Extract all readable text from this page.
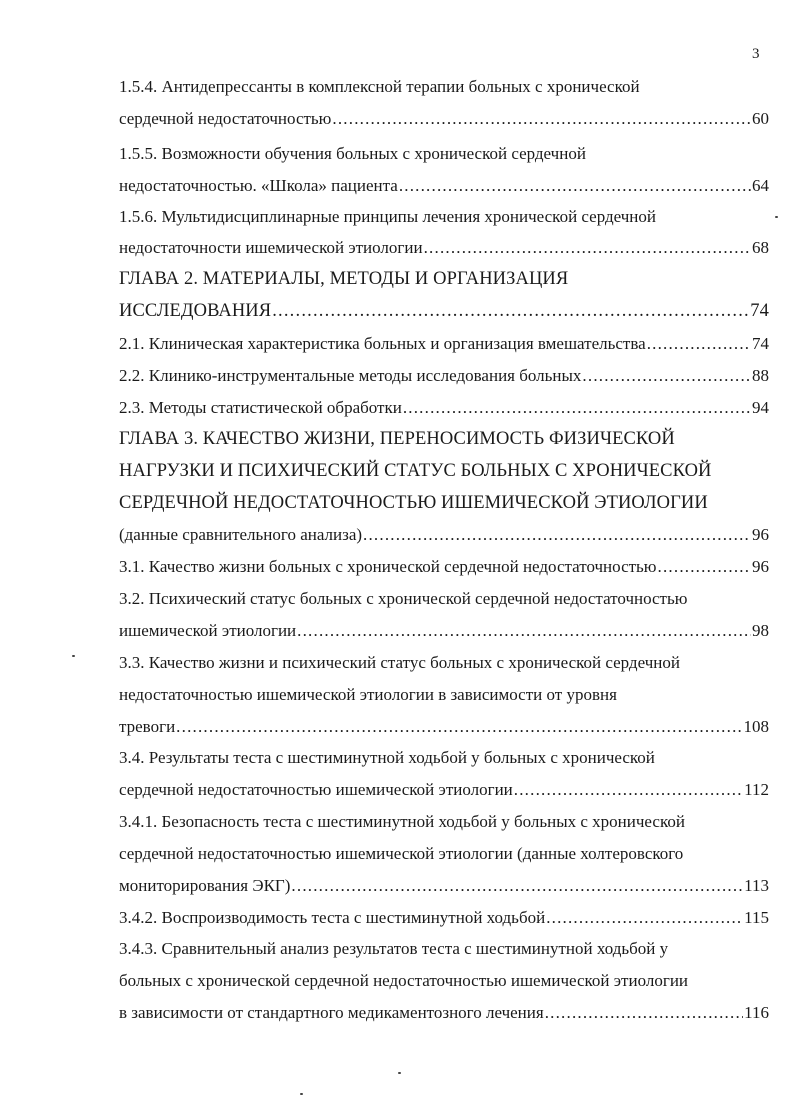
3
1.5.4. Антидепрессанты в комплексной терапии больных с хронической
сердечной недостаточностью .....	60
1.5.5. Возможности обучения больных с хронической сердечной
недостаточностью. «Школа» пациента .....	64
1.5.6. Мультидисциплинарные принципы лечения хронической сердечной
недостаточности ишемической этиологии .....	68
ГЛАВА 2. МАТЕРИАЛЫ, МЕТОДЫ И ОРГАНИЗАЦИЯ
ИССЛЕДОВАНИЯ .....	74
2.1. Клиническая характеристика больных и организация вмешательства .....	74
2.2. Клинико-инструментальные методы исследования больных .....	88
2.3. Методы статистической обработки .....	94
ГЛАВА 3. КАЧЕСТВО ЖИЗНИ, ПЕРЕНОСИМОСТЬ ФИЗИЧЕСКОЙ
НАГРУЗКИ И ПСИХИЧЕСКИЙ СТАТУС БОЛЬНЫХ С ХРОНИЧЕСКОЙ
СЕРДЕЧНОЙ НЕДОСТАТОЧНОСТЬЮ ИШЕМИЧЕСКОЙ ЭТИОЛОГИИ
(данные сравнительного анализа) .....	96
3.1. Качество жизни больных с хронической сердечной недостаточностью .....	96
3.2. Психический статус больных с хронической сердечной недостаточностью
ишемической этиологии .....	98
3.3. Качество жизни и психический статус больных с хронической сердечной
недостаточностью ишемической этиологии в зависимости от уровня
тревоги .....	108
3.4. Результаты теста с шестиминутной ходьбой у больных с хронической
сердечной недостаточностью ишемической этиологии .....	112
3.4.1. Безопасность теста с шестиминутной ходьбой у больных с хронической
сердечной недостаточностью ишемической этиологии (данные холтеровского
мониторирования ЭКГ) .....	113
3.4.2. Воспроизводимость теста с шестиминутной ходьбой .....	115
3.4.3. Сравнительный анализ результатов теста с шестиминутной ходьбой у
больных с хронической сердечной недостаточностью ишемической этиологии
в зависимости от стандартного медикаментозного лечения .....	116
